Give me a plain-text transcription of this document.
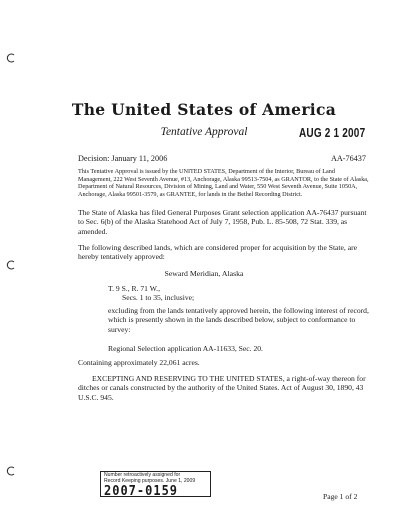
The United States of America
Tentative Approval	AUG 2 1 2007
Decision: January 11, 2006	AA-76437

This Tentative Approval is issued by the UNITED STATES, Department of the Interior, Bureau of Land Management, 222 West Seventh Avenue, #13, Anchorage, Alaska 99513-7504, as GRANTOR, to the State of Alaska, Department of Natural Resources, Division of Mining, Land and Water, 550 West Seventh Avenue, Suite 1050A, Anchorage, Alaska 99501-3579, as GRANTEE, for lands in the Bethel Recording District.

The State of Alaska has filed General Purposes Grant selection application AA-76437 pursuant to Sec. 6(b) of the Alaska Statehood Act of July 7, 1958, Pub. L. 85-508, 72 Stat. 339, as amended.

The following described lands, which are considered proper for acquisition by the State, are hereby tentatively approved:

Seward Meridian, Alaska
T. 9 S., R. 71 W.,
Secs. 1 to 35, inclusive;

excluding from the lands tentatively approved herein, the following interest of record, which is presently shown in the lands described below, subject to conformance to survey:

Regional Selection application AA-11633, Sec. 20.

Containing approximately 22,061 acres.

EXCEPTING AND RESERVING TO THE UNITED STATES, a right-of-way thereon for ditches or canals constructed by the authority of the United States. Act of August 30, 1890, 43 U.S.C. 945.

Number retroactively assigned for
Record Keeping purposes. June 1, 2009
2007-0159	Page 1 of 2
